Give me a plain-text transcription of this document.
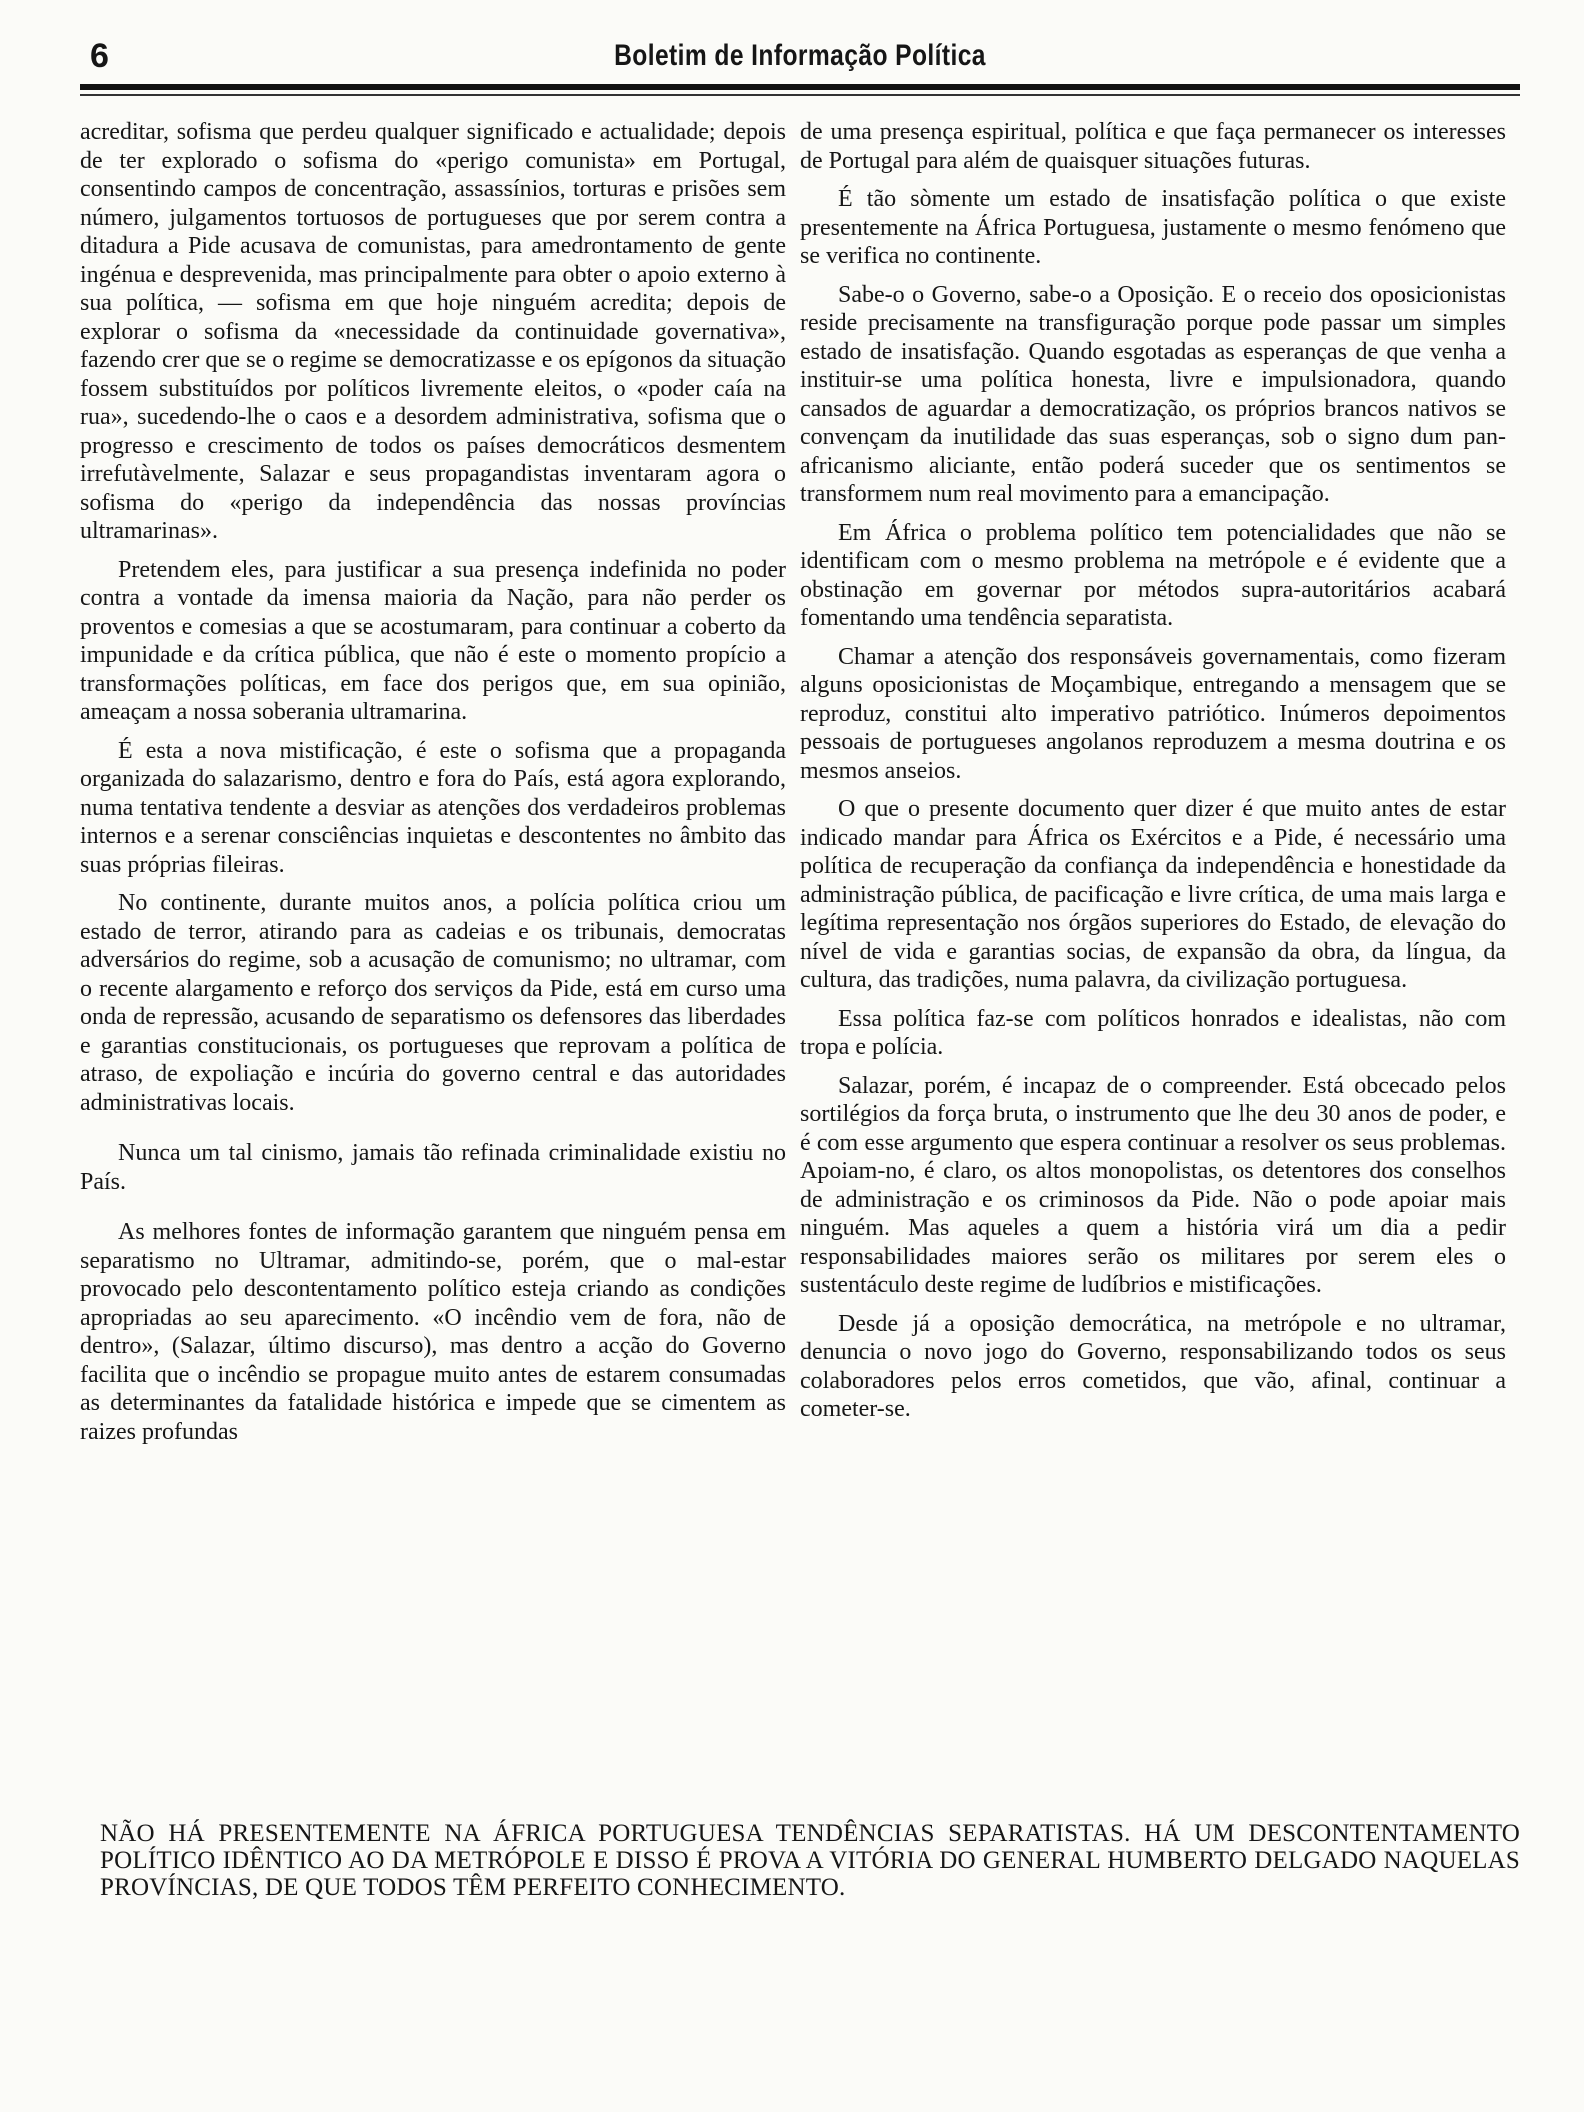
6	Boletim de Informação Política

acreditar, sofisma que perdeu qualquer significado e actualidade; depois de ter explorado o sofisma do «perigo comunista» em Portugal, consentindo campos de concentração, assassínios, torturas e prisões sem número, julgamentos tortuosos de portugueses que por serem contra a ditadura a Pide acusava de comunistas, para amedrontamento de gente ingénua e desprevenida, mas principalmente para obter o apoio externo à sua política, — sofisma em que hoje ninguém acredita; depois de explorar o sofisma da «necessidade da continuidade governativa», fazendo crer que se o regime se democratizasse e os epígonos da situação fossem substituídos por políticos livremente eleitos, o «poder caía na rua», sucedendo-lhe o caos e a desordem administrativa, sofisma que o progresso e crescimento de todos os países democráticos desmentem irrefutàvelmente, Salazar e seus propagandistas inventaram agora o sofisma do «perigo da independência das nossas províncias ultramarinas».

Pretendem eles, para justificar a sua presença indefinida no poder contra a vontade da imensa maioria da Nação, para não perder os proventos e comesias a que se acostumaram, para continuar a coberto da impunidade e da crítica pública, que não é este o momento propício a transformações políticas, em face dos perigos que, em sua opinião, ameaçam a nossa soberania ultramarina.

É esta a nova mistificação, é este o sofisma que a propaganda organizada do salazarismo, dentro e fora do País, está agora explorando, numa tentativa tendente a desviar as atenções dos verdadeiros problemas internos e a serenar consciências inquietas e descontentes no âmbito das suas próprias fileiras.

No continente, durante muitos anos, a polícia política criou um estado de terror, atirando para as cadeias e os tribunais, democratas adversários do regime, sob a acusação de comunismo; no ultramar, com o recente alargamento e reforço dos serviços da Pide, está em curso uma onda de repressão, acusando de separatismo os defensores das liberdades e garantias constitucionais, os portugueses que reprovam a política de atraso, de expoliação e incúria do governo central e das autoridades administrativas locais.

Nunca um tal cinismo, jamais tão refinada criminalidade existiu no País.

As melhores fontes de informação garantem que ninguém pensa em separatismo no Ultramar, admitindo-se, porém, que o mal-estar provocado pelo descontentamento político esteja criando as condições apropriadas ao seu aparecimento. «O incêndio vem de fora, não de dentro», (Salazar, último discurso), mas dentro a acção do Governo facilita que o incêndio se propague muito antes de estarem consumadas as determinantes da fatalidade histórica e impede que se cimentem as raizes profundas

de uma presença espiritual, política e que faça permanecer os interesses de Portugal para além de quaisquer situações futuras.

É tão sòmente um estado de insatisfação política o que existe presentemente na África Portuguesa, justamente o mesmo fenómeno que se verifica no continente.

Sabe-o o Governo, sabe-o a Oposição. E o receio dos oposicionistas reside precisamente na transfiguração porque pode passar um simples estado de insatisfação. Quando esgotadas as esperanças de que venha a instituir-se uma política honesta, livre e impulsionadora, quando cansados de aguardar a democratização, os próprios brancos nativos se convençam da inutilidade das suas esperanças, sob o signo dum pan-africanismo aliciante, então poderá suceder que os sentimentos se transformem num real movimento para a emancipação.

Em África o problema político tem potencialidades que não se identificam com o mesmo problema na metrópole e é evidente que a obstinação em governar por métodos supra-autoritários acabará fomentando uma tendência separatista.

Chamar a atenção dos responsáveis governamentais, como fizeram alguns oposicionistas de Moçambique, entregando a mensagem que se reproduz, constitui alto imperativo patriótico. Inúmeros depoimentos pessoais de portugueses angolanos reproduzem a mesma doutrina e os mesmos anseios.

O que o presente documento quer dizer é que muito antes de estar indicado mandar para África os Exércitos e a Pide, é necessário uma política de recuperação da confiança da independência e honestidade da administração pública, de pacificação e livre crítica, de uma mais larga e legítima representação nos órgãos superiores do Estado, de elevação do nível de vida e garantias socias, de expansão da obra, da língua, da cultura, das tradições, numa palavra, da civilização portuguesa.

Essa política faz-se com políticos honrados e idealistas, não com tropa e polícia.

Salazar, porém, é incapaz de o compreender. Está obcecado pelos sortilégios da força bruta, o instrumento que lhe deu 30 anos de poder, e é com esse argumento que espera continuar a resolver os seus problemas. Apoiam-no, é claro, os altos monopolistas, os detentores dos conselhos de administração e os criminosos da Pide. Não o pode apoiar mais ninguém. Mas aqueles a quem a história virá um dia a pedir responsabilidades maiores serão os militares por serem eles o sustentáculo deste regime de ludíbrios e mistificações.

Desde já a oposição democrática, na metrópole e no ultramar, denuncia o novo jogo do Governo, responsabilizando todos os seus colaboradores pelos erros cometidos, que vão, afinal, continuar a cometer-se.

NÃO HÁ PRESENTEMENTE NA ÁFRICA PORTUGUESA TENDÊNCIAS SEPARATISTAS. HÁ UM DESCONTENTAMENTO POLÍTICO IDÊNTICO AO DA METRÓPOLE E DISSO É PROVA A VITÓRIA DO GENERAL HUMBERTO DELGADO NAQUELAS PROVÍNCIAS, DE QUE TODOS TÊM PERFEITO CONHECIMENTO.
